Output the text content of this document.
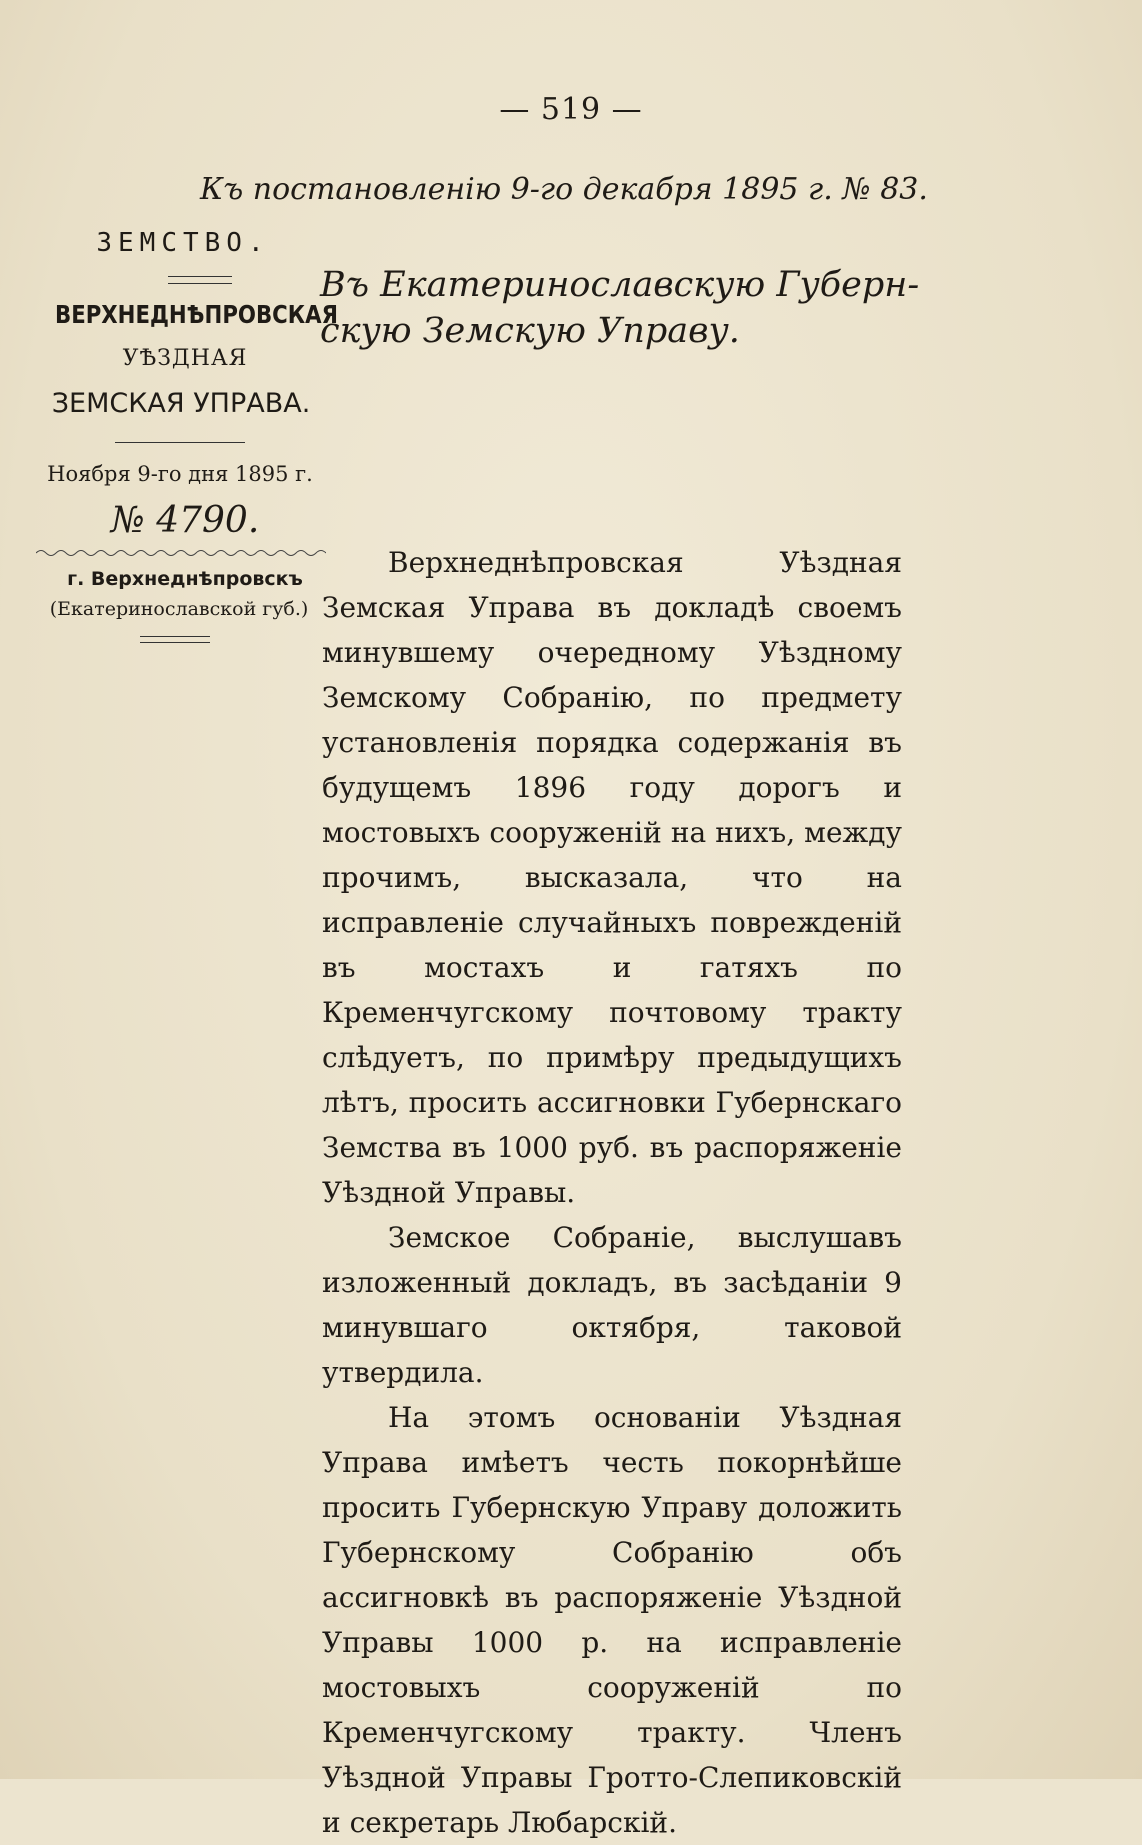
— 519 —
Къ постановленію 9-го декабря 1895 г. № 83.
ЗЕМСТВО.
ВЕРХНЕДНѢПРОВСКАЯ
УѢЗДНАЯ
ЗЕМСКАЯ УПРАВА.
Ноября 9-го дня 1895 г.
№ 4790.
г. Верхнеднѣпровскъ
(Екатеринославской губ.)
Въ Екатеринославскую Губерн-
скую Земскую Управу.

Верхнеднѣпровская Уѣздная Земская Управа въ докладѣ своемъ минувшему очередному Уѣздному Земскому Собранію, по предмету установленія порядка содержанія въ будущемъ 1896 году дорогъ и мостовыхъ сооруженій на нихъ, между прочимъ, высказала, что на исправленіе случайныхъ поврежденій въ мостахъ и гатяхъ по Кременчугскому почтовому тракту слѣдуетъ, по примѣру предыдущихъ лѣтъ, просить ассигновки Губернскаго Земства въ 1000 руб. въ распоряженіе Уѣздной Управы.

Земское Собраніе, выслушавъ изложенный докладъ, въ засѣданіи 9 минувшаго октября, таковой утвердила.

На этомъ основаніи Уѣздная Управа имѣетъ честь покорнѣйше просить Губернскую Управу доложить Губернскому Собранію объ ассигновкѣ въ распоряженіе Уѣздной Управы 1000 р. на исправленіе мостовыхъ сооруженій по Кременчугскому тракту. Членъ Уѣздной Управы Гротто-Слепиковскій и секретарь Любарскій.
